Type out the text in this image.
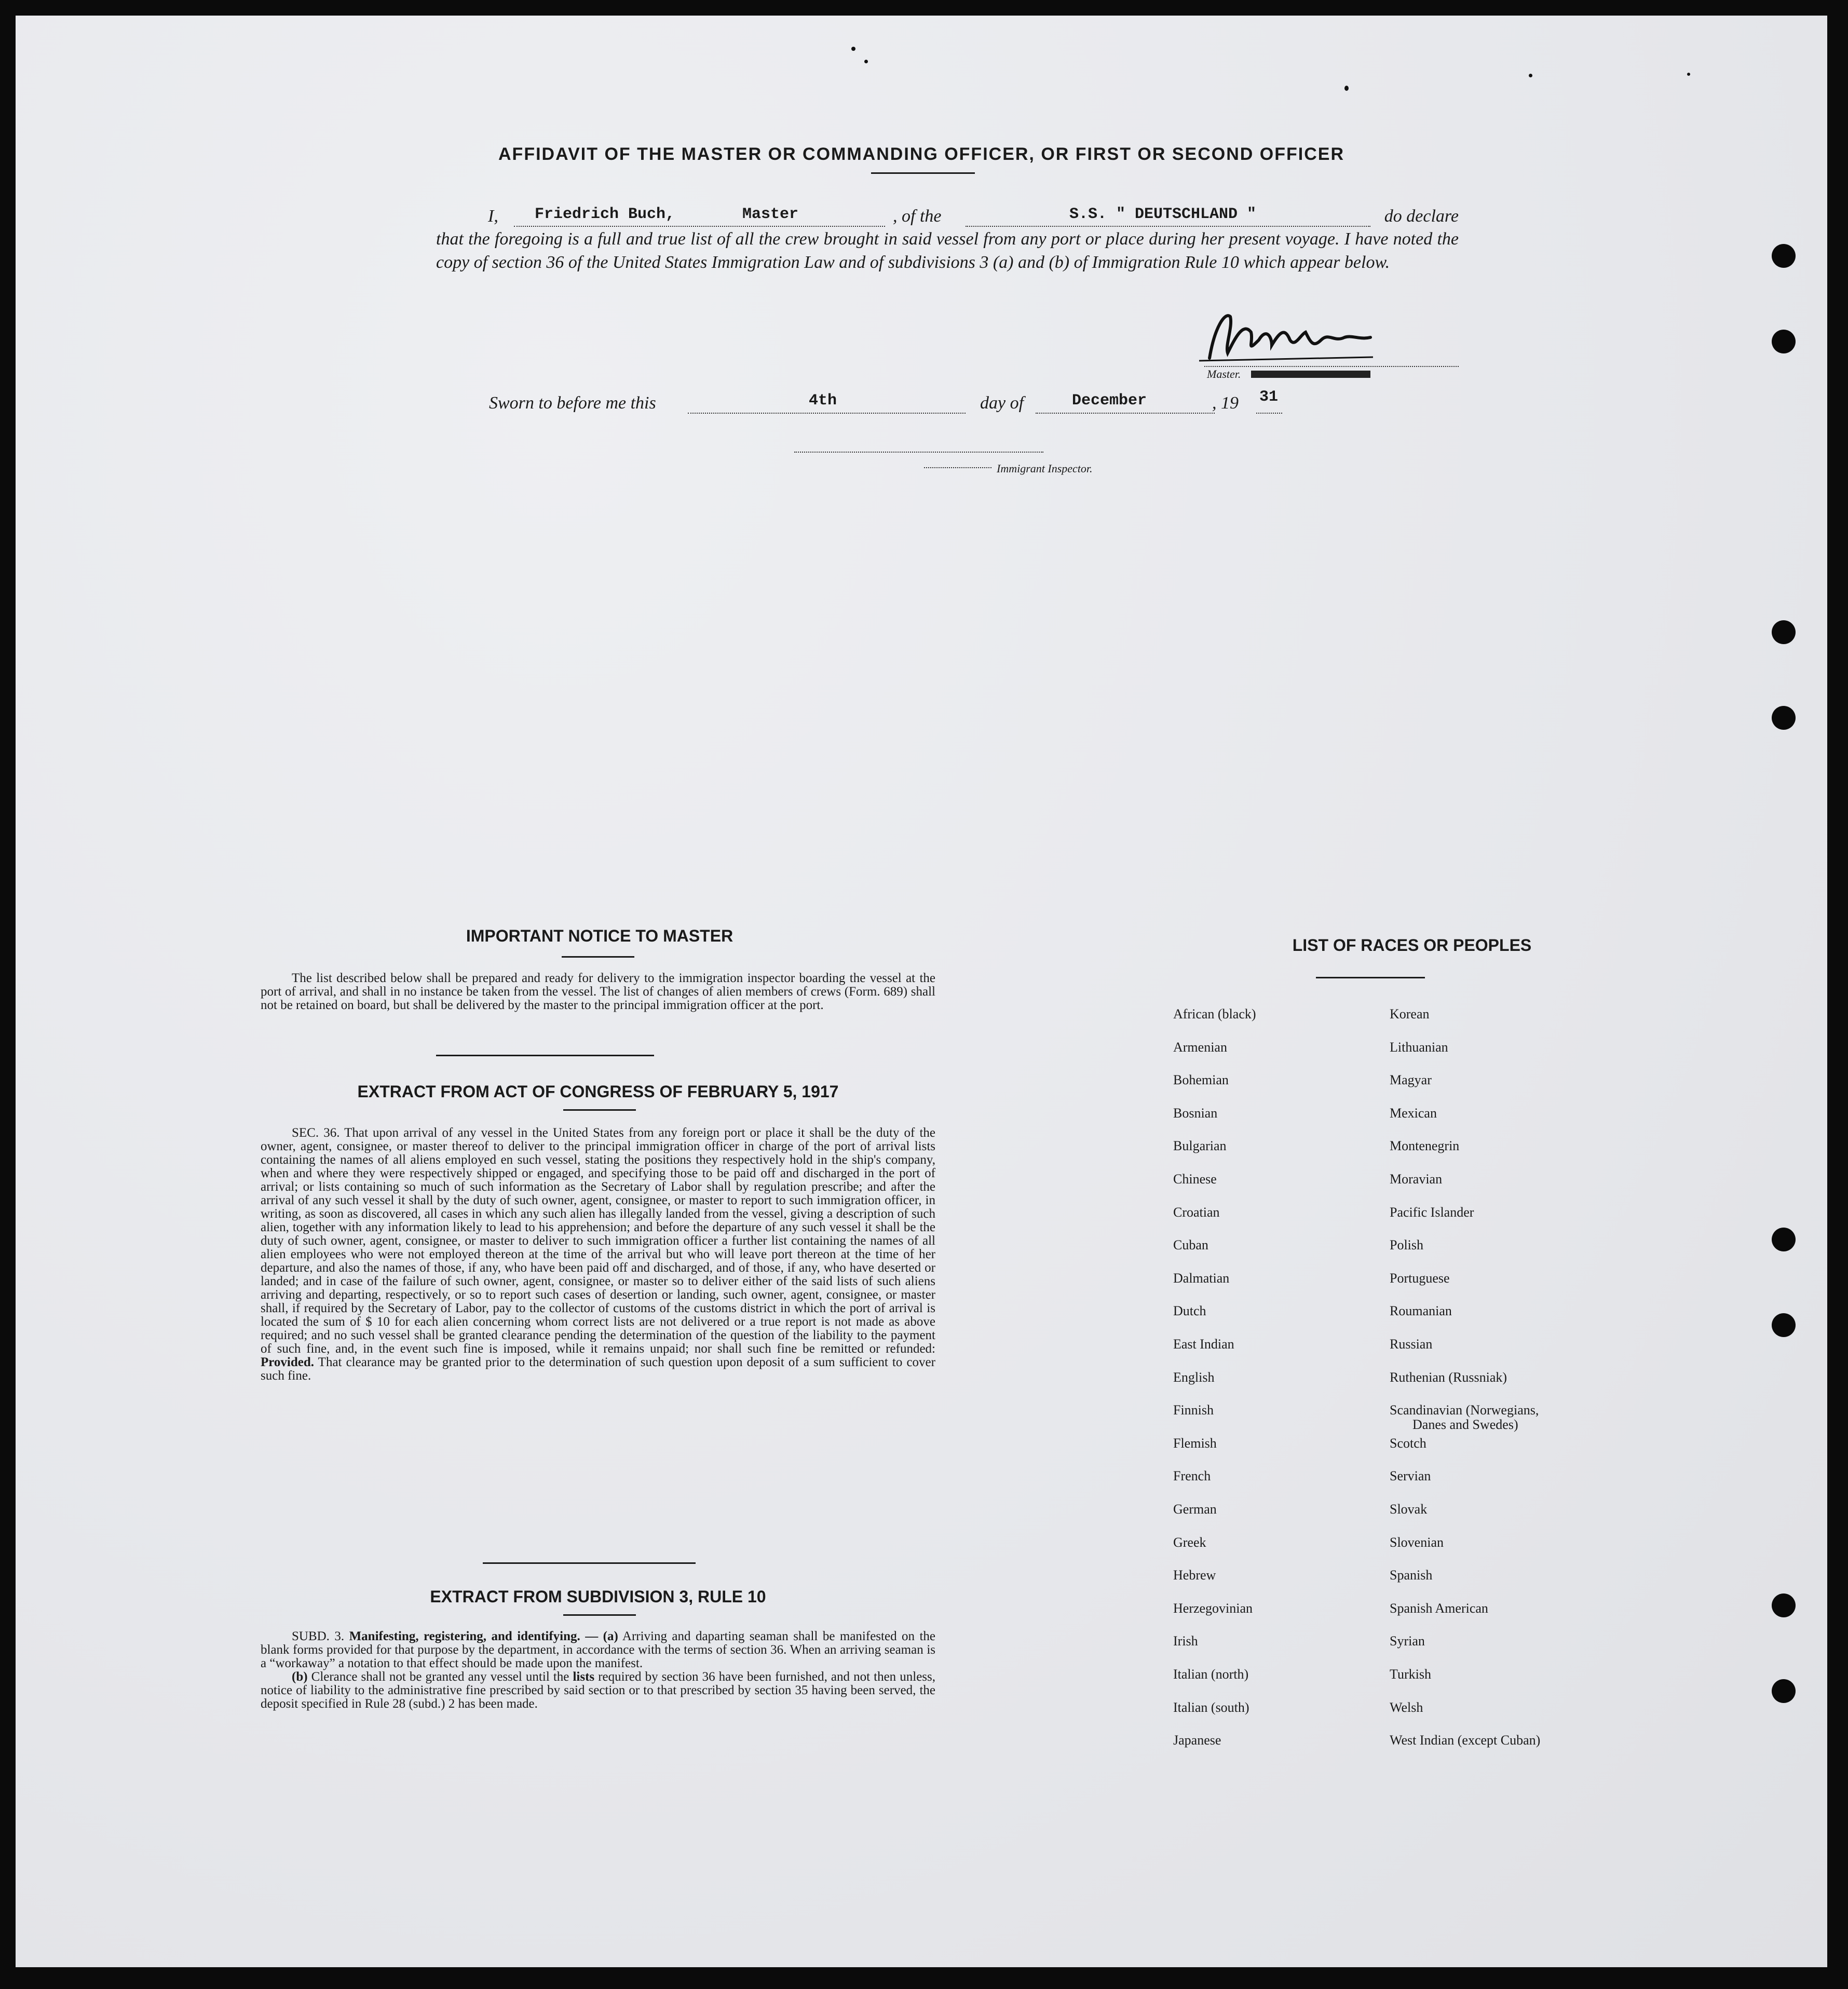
AFFIDAVIT OF THE MASTER OR COMMANDING OFFICER, OR FIRST OR SECOND OFFICER
I, Friedrich Buch,	Master	, of the	S.S. " DEUTSCHLAND "	do declare
that the foregoing is a full and true list of all the crew brought in said vessel from any port or place during her present voyage. I have noted the copy of section 36 of the United States Immigration Law and of subdivisions 3 (a) and (b) of Immigration Rule 10 which appear below.
Master.
Sworn to before me this	4th	day of	December	, 19 31
Immigrant Inspector.
IMPORTANT NOTICE TO MASTER

The list described below shall be prepared and ready for delivery to the immigration inspector boarding the vessel at the port of arrival, and shall in no instance be taken from the vessel. The list of changes of alien members of crews (Form. 689) shall not be retained on board, but shall be delivered by the master to the principal immigration officer at the port.

EXTRACT FROM ACT OF CONGRESS OF FEBRUARY 5, 1917

SEC. 36. That upon arrival of any vessel in the United States from any foreign port or place it shall be the duty of the owner, agent, consignee, or master thereof to deliver to the principal immigration officer in charge of the port of arrival lists containing the names of all aliens employed en such vessel, stating the positions they respectively hold in the ship's company, when and where they were respectively shipped or engaged, and specifying those to be paid off and discharged in the port of arrival; or lists containing so much of such information as the Secretary of Labor shall by regulation prescribe; and after the arrival of any such vessel it shall by the duty of such owner, agent, consignee, or master to report to such immigration officer, in writing, as soon as discovered, all cases in which any such alien has illegally landed from the vessel, giving a description of such alien, together with any information likely to lead to his apprehension; and before the departure of any such vessel it shall be the duty of such owner, agent, consignee, or master to deliver to such immigration officer a further list containing the names of all alien employees who were not employed thereon at the time of the arrival but who will leave port thereon at the time of her departure, and also the names of those, if any, who have been paid off and discharged, and of those, if any, who have deserted or landed; and in case of the failure of such owner, agent, consignee, or master so to deliver either of the said lists of such aliens arriving and departing, respectively, or so to report such cases of desertion or landing, such owner, agent, consignee, or master shall, if required by the Secretary of Labor, pay to the collector of customs of the customs district in which the port of arrival is located the sum of $ 10 for each alien concerning whom correct lists are not delivered or a true report is not made as above required; and no such vessel shall be granted clearance pending the determination of the question of the liability to the payment of such fine, and, in the event such fine is imposed, while it remains unpaid; nor shall such fine be remitted or refunded: Provided. That clearance may be granted prior to the determination of such question upon deposit of a sum sufficient to cover such fine.

EXTRACT FROM SUBDIVISION 3, RULE 10

SUBD. 3. Manifesting, registering, and identifying. — (a) Arriving and daparting seaman shall be manifested on the blank forms provided for that purpose by the department, in accordance with the terms of section 36. When an arriving seaman is a “workaway” a notation to that effect should be made upon the manifest.

(b) Clerance shall not be granted any vessel until the lists required by section 36 have been furnished, and not then unless, notice of liability to the administrative fine prescribed by said section or to that prescribed by section 35 having been served, the deposit specified in Rule 28 (subd.) 2 has been made.

LIST OF RACES OR PEOPLES
African (black)
Armenian
Bohemian
Bosnian
Bulgarian
Chinese
Croatian
Cuban
Dalmatian
Dutch
East Indian
English
Finnish
Flemish
French
German
Greek
Hebrew
Herzegovinian
Irish
Italian (north)
Italian (south)
Japanese
Korean
Lithuanian
Magyar
Mexican
Montenegrin
Moravian
Pacific Islander
Polish
Portuguese
Roumanian
Russian
Ruthenian (Russniak)
Scandinavian (Norwegians,
Danes and Swedes)
Scotch
Servian
Slovak
Slovenian
Spanish
Spanish American
Syrian
Turkish
Welsh
West Indian (except Cuban)
